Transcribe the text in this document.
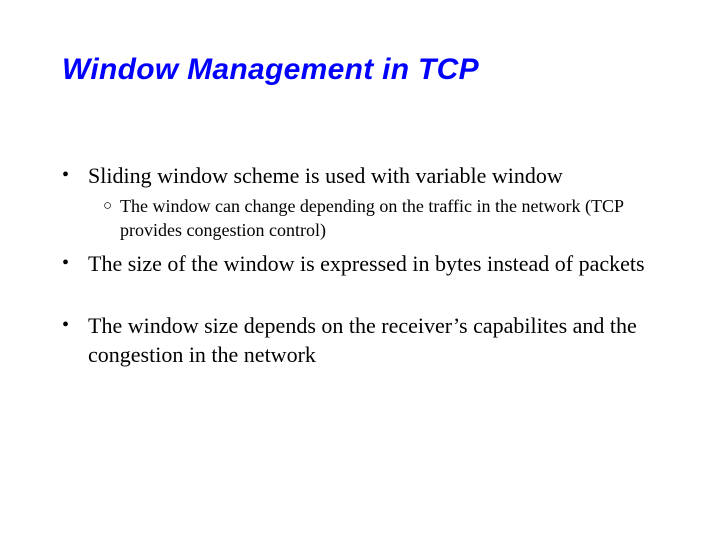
Window Management in TCP
• Sliding window scheme is used with variable window
○ The window can change depending on the traffic in the network (TCP provides congestion control)
• The size of the window is expressed in bytes instead of packets
• The window size depends on the receiver’s capabilites and the congestion in the network
